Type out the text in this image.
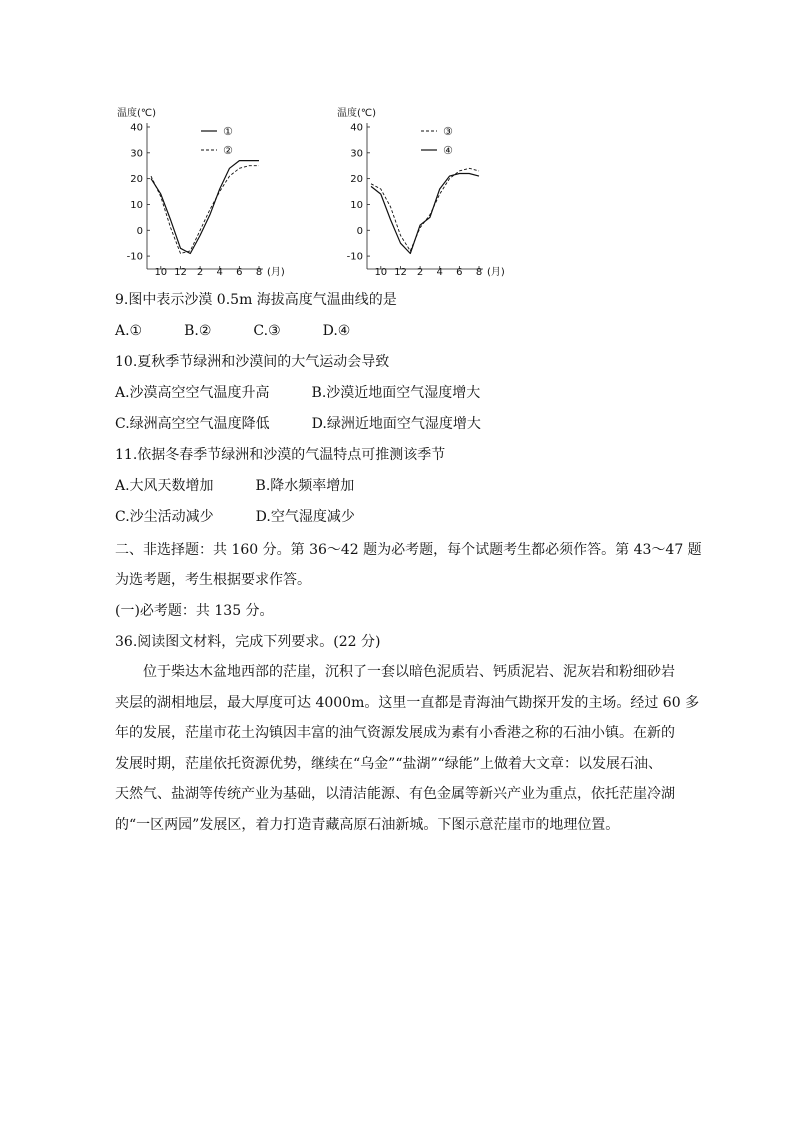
温度(℃)
40
30
20
10
0
-10
10 12 2 4 6 8 (月)
①
②
温度(℃)
40
30
20
10
0
-10
10 12 2 4 6 8 (月)
③
④
9.图中表示沙漠 0.5m 海拔高度气温曲线的是
A.①　　　B.②　　　C.③　　　D.④
10.夏秋季节绿洲和沙漠间的大气运动会导致
A.沙漠高空空气温度升高　　　B.沙漠近地面空气湿度增大
C.绿洲高空空气温度降低　　　D.绿洲近地面空气湿度增大
11.依据冬春季节绿洲和沙漠的气温特点可推测该季节
A.大风天数增加　　　B.降水频率增加
C.沙尘活动减少　　　D.空气湿度减少
二、非选择题：共 160 分。第 36～42 题为必考题，每个试题考生都必须作答。第 43～47 题
为选考题，考生根据要求作答。
(一)必考题：共 135 分。
36.阅读图文材料，完成下列要求。(22 分)
位于柴达木盆地西部的茫崖，沉积了一套以暗色泥质岩、钙质泥岩、泥灰岩和粉细砂岩
夹层的湖相地层，最大厚度可达 4000m。这里一直都是青海油气勘探开发的主场。经过 60 多
年的发展，茫崖市花土沟镇因丰富的油气资源发展成为素有小香港之称的石油小镇。在新的
发展时期，茫崖依托资源优势，继续在“乌金”“盐湖”“绿能”上做着大文章：以发展石油、
天然气、盐湖等传统产业为基础，以清洁能源、有色金属等新兴产业为重点，依托茫崖冷湖
的“一区两园”发展区，着力打造青藏高原石油新城。下图示意茫崖市的地理位置。
